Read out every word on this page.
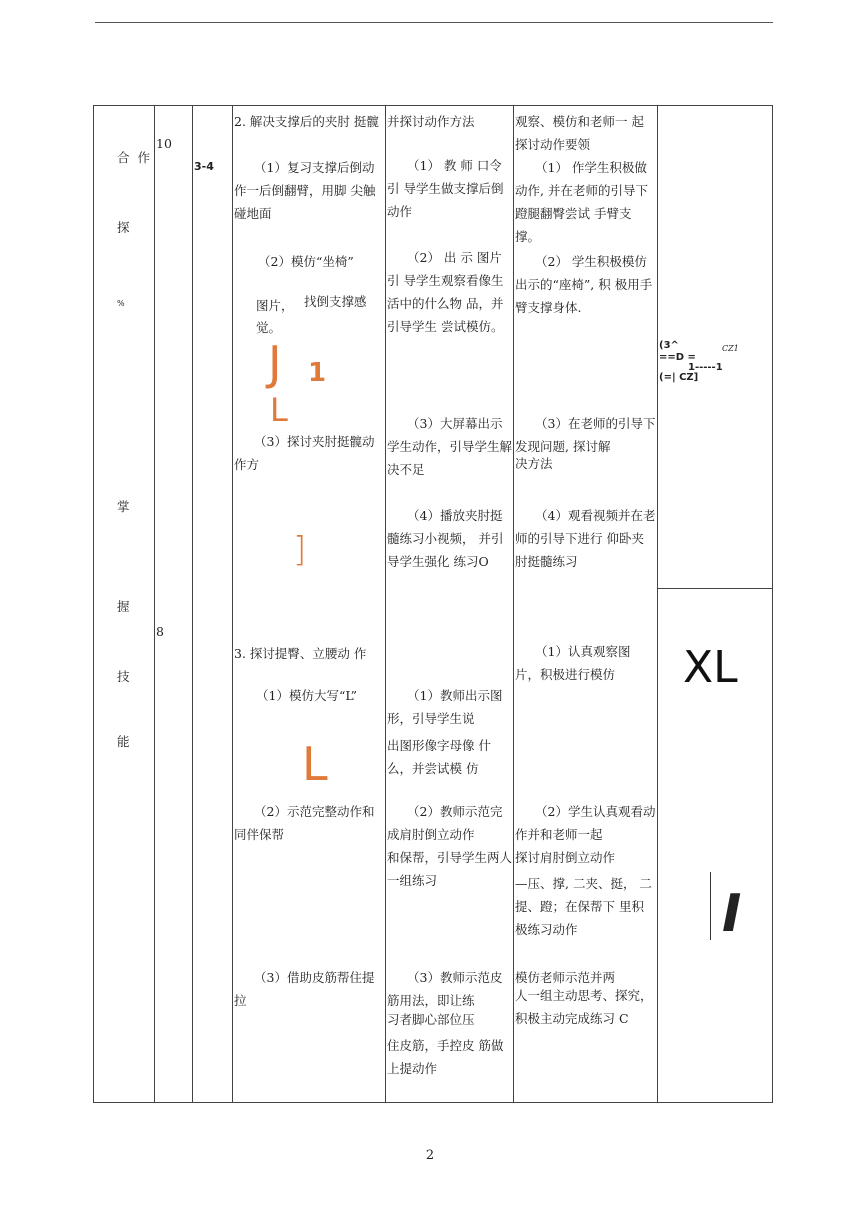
合作
探
%
掌
握
技
能
10
8
3-4
2. 解决支撑后的夹肘 挺髋
（1）复习支撑后倒动作一后倒翻臂，用脚 尖触碰地面
（2）模仿“坐椅”
图片， 找倒支撑感
觉。
J 1
L
（3）探讨夹肘挺髋动作方
]
3. 探讨提臀、立腰动 作
（1）模仿大写“L”
L
（2）示范完整动作和同伴保帮
（3）借助皮筋帮住提拉
并探讨动作方法
（1） 教 师 口令引 导学生做支撑后倒动作
（2） 出 示 图片引 导学生观察看像生活中的什么物 品，并引导学生 尝试模仿。
（3）大屏幕出示学生动作，引导学生解决不足
（4）播放夹肘挺髓练习小视频， 并引导学生强化 练习O
（1）教师出示图形，引导学生说
出图形像字母像 什么，并尝试模 仿
（2）教师示范完成肩肘倒立动作
和保帮，引导学生两人一组练习
（3）教师示范皮筋用法，即让练
习者脚心部位压
住皮筋，手控皮 筋做上提动作
观察、模仿和老师一 起探讨动作要领
（1） 作学生积极做 动作, 并在老师的引导下蹬腿翻臀尝试 手臂支撑。
（2） 学生积极模仿出示的“座椅”, 积 极用手臂支撑身体.
（3）在老师的引导下发现问题, 探讨解
决方法
（4）观看视频并在老师的引导下进行 仰卧夹肘挺髓练习
（1）认真观察图 片，积极进行模仿
（2）学生认真观看动作并和老师一起
探讨肩肘倒立动作
—压、撑, 二夹、挺， 二提、蹬；在保帮下 里积极练习动作
模仿老师示范并两
人一组主动思考、探究，积极主动完成练习 C
(3^	CZ1
==D =
1-----1
(=| CZ]
XL
I
2
